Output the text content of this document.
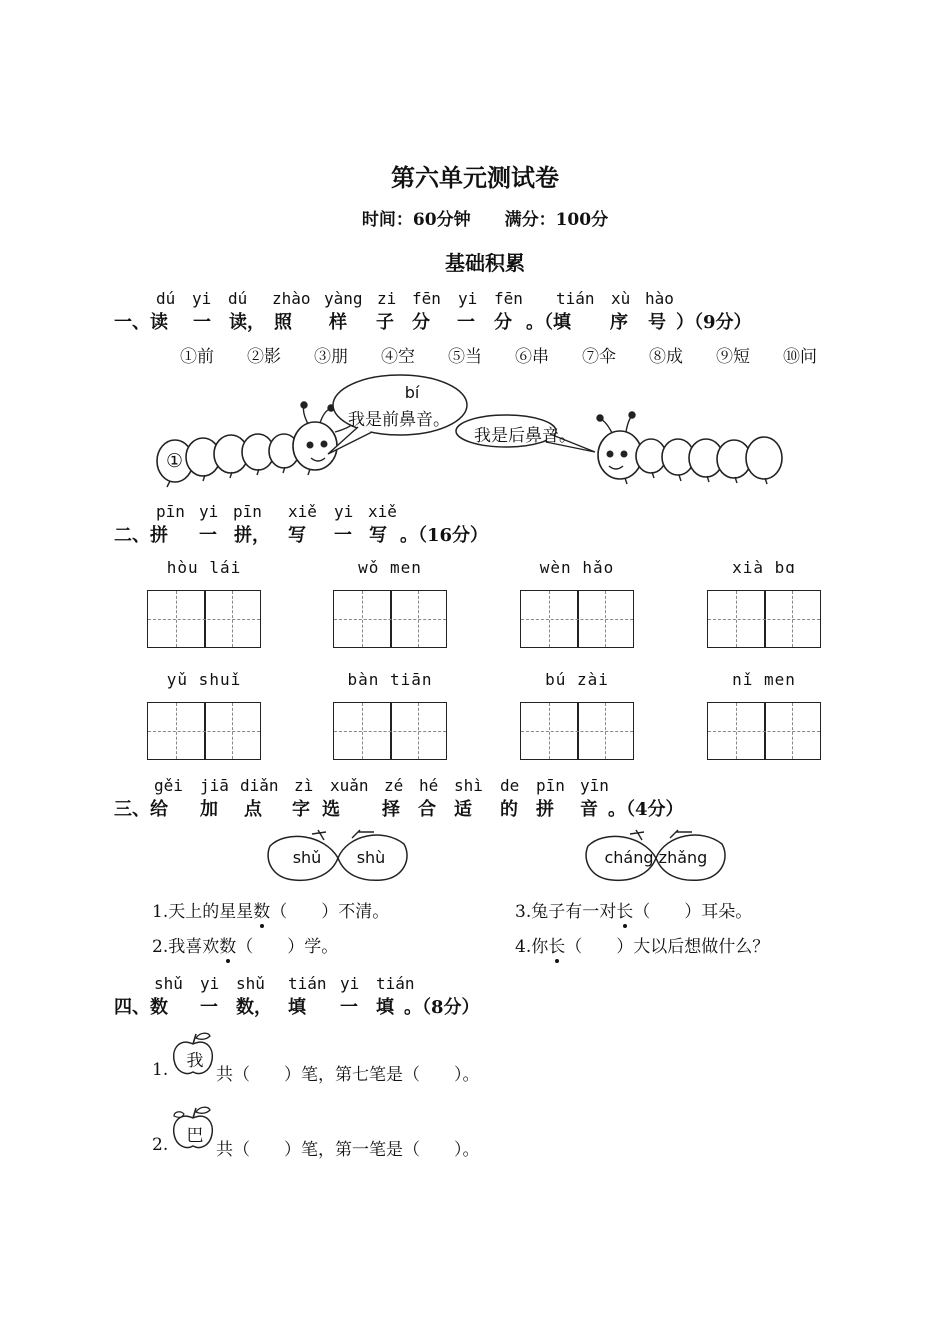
第六单元测试卷
时间：60分钟　　满分：100分
基础积累
dú yi dú zhào yàng zi fēn yi fēn tián xù hào
一、读 一 读， 照 样 子 分 一 分 。（填 序 号 ）（9分）
①前 ②影 ③朋 ④空 ⑤当 ⑥串 ⑦伞 ⑧成 ⑨短 ⑩问
bí
我是前鼻音。
我是后鼻音。
①
pīn yi pīn xiě yi xiě
二、拼 一 拼， 写 一 写 。（16分）
hòu lái	wǒ men	wèn hǎo	xià bɑ
yǔ shuǐ	bàn tiān	bú zài	nǐ men
gěi jiā diǎn zì xuǎn zé hé shì de pīn yīn
三、给 加 点 字 选 择 合 适 的 拼 音 。（4分）
shǔ	shù	cháng zhǎng
1.天上的星星数（　　）不清。
2.我喜欢数（　　）学。
3.兔子有一对长（　　）耳朵。
4.你长（　　）大以后想做什么？
shǔ yi shǔ tián yi tián
四、数 一 数， 填 一 填 。（8分）
1.	我
共（　　）笔，第七笔是（　　）。
2.	巴
共（　　）笔，第一笔是（　　）。
